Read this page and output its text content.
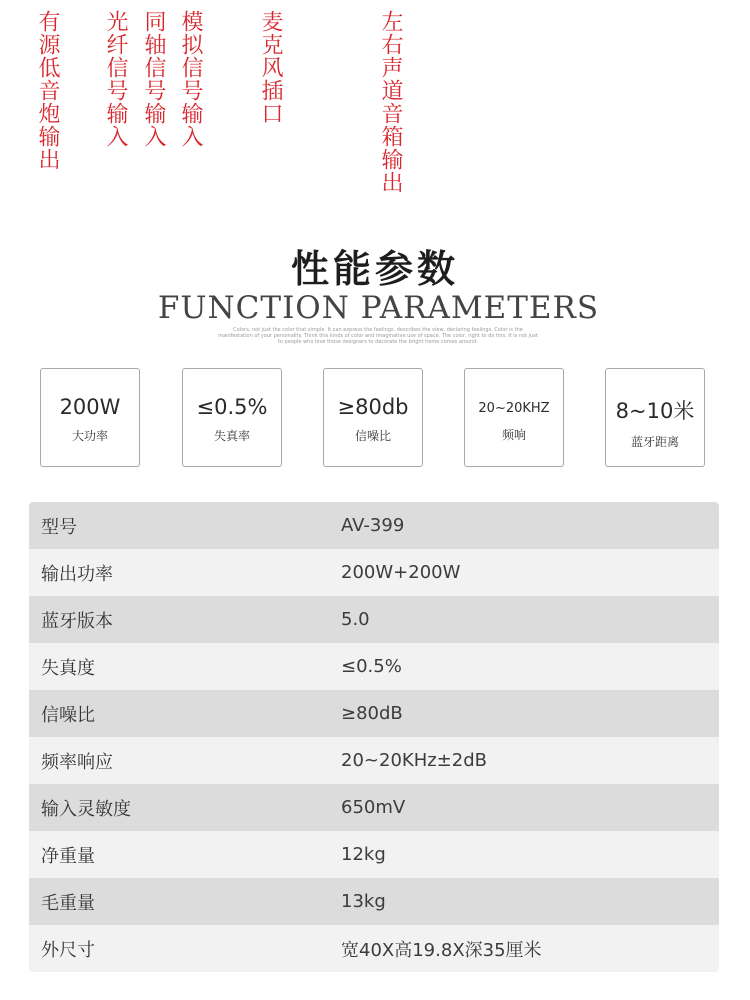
有源低音炮输出 光纤信号输入 同轴信号输入 模拟信号输入	麦克风插口	左右声道音箱输出
性能参数
FUNCTION PARAMETERS
Colors, not just the color that simple. It can express the feelings, describes the view, declaring feelings. Color is the manifestation of your personality. Think this kinds of color and imaginative use of space. The color, right to do this. It is not just to people who love those designers to decorate the bright home comes around.
200W
大功率
≤0.5%
失真率
≥80db
信噪比
20~20KHZ
频响
8~10米
蓝牙距离
型号	AV-399
输出功率	200W+200W
蓝牙版本	5.0
失真度	≤0.5%
信噪比	≥80dB
频率响应	20~20KHz±2dB
输入灵敏度	650mV
净重量	12kg
毛重量	13kg
外尺寸	宽40X高19.8X深35厘米
